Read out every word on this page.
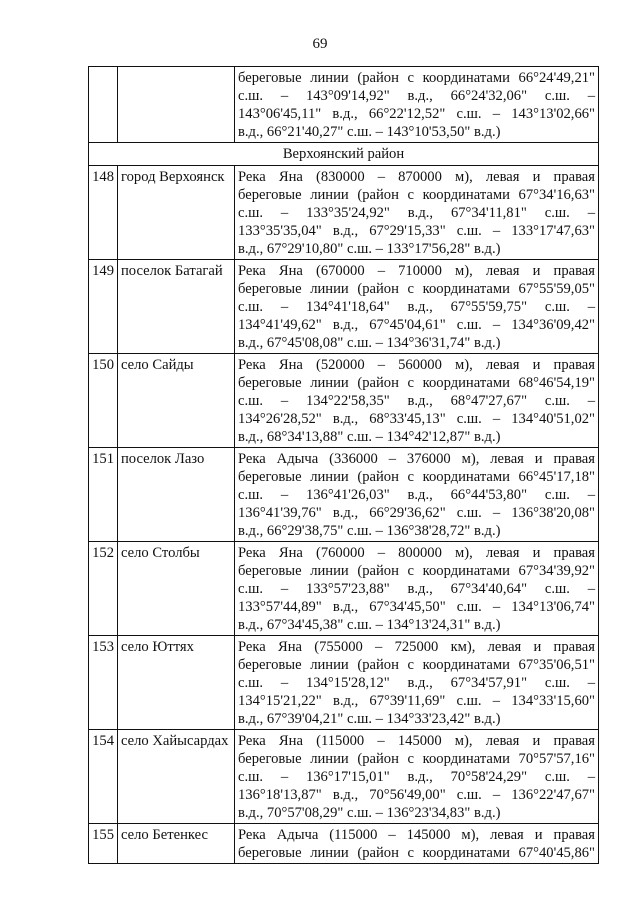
69

		береговые линии (район с координатами 66°24'49,21"
с.ш. – 143°09'14,92" в.д., 66°24'32,06" с.ш. –
143°06'45,11" в.д., 66°22'12,52" с.ш. – 143°13'02,66"
в.д., 66°21'40,27" с.ш. – 143°10'53,50" в.д.)

Верхоянский район		
148	город Верхоянск	Река Яна (830000 – 870000 м), левая и правая
береговые линии (район с координатами 67°34'16,63"
с.ш. – 133°35'24,92" в.д., 67°34'11,81" с.ш. –
133°35'35,04" в.д., 67°29'15,33" с.ш. – 133°17'47,63"
в.д., 67°29'10,80" с.ш. – 133°17'56,28" в.д.)

149	поселок Батагай	Река Яна (670000 – 710000 м), левая и правая
береговые линии (район с координатами 67°55'59,05"
с.ш. – 134°41'18,64" в.д., 67°55'59,75" с.ш. –
134°41'49,62" в.д., 67°45'04,61" с.ш. – 134°36'09,42"
в.д., 67°45'08,08" с.ш. – 134°36'31,74" в.д.)

150	село Сайды	Река Яна (520000 – 560000 м), левая и правая
береговые линии (район с координатами 68°46'54,19"
с.ш. – 134°22'58,35" в.д., 68°47'27,67" с.ш. –
134°26'28,52" в.д., 68°33'45,13" с.ш. – 134°40'51,02"
в.д., 68°34'13,88" с.ш. – 134°42'12,87" в.д.)

151	поселок Лазо	Река Адыча (336000 – 376000 м), левая и правая
береговые линии (район с координатами 66°45'17,18"
с.ш. – 136°41'26,03" в.д., 66°44'53,80" с.ш. –
136°41'39,76" в.д., 66°29'36,62" с.ш. – 136°38'20,08"
в.д., 66°29'38,75" с.ш. – 136°38'28,72" в.д.)

152	село Столбы	Река Яна (760000 – 800000 м), левая и правая
береговые линии (район с координатами 67°34'39,92"
с.ш. – 133°57'23,88" в.д., 67°34'40,64" с.ш. –
133°57'44,89" в.д., 67°34'45,50" с.ш. – 134°13'06,74"
в.д., 67°34'45,38" с.ш. – 134°13'24,31" в.д.)

153	село Юттях	Река Яна (755000 – 725000 км), левая и правая
береговые линии (район с координатами 67°35'06,51"
с.ш. – 134°15'28,12" в.д., 67°34'57,91" с.ш. –
134°15'21,22" в.д., 67°39'11,69" с.ш. – 134°33'15,60"
в.д., 67°39'04,21" с.ш. – 134°33'23,42" в.д.)

154	село Хайысардах	Река Яна (115000 – 145000 м), левая и правая
береговые линии (район с координатами 70°57'57,16"
с.ш. – 136°17'15,01" в.д., 70°58'24,29" с.ш. –
136°18'13,87" в.д., 70°56'49,00" с.ш. – 136°22'47,67"
в.д., 70°57'08,29" с.ш. – 136°23'34,83" в.д.)

155	село Бетенкес	Река Адыча (115000 – 145000 м), левая и правая
береговые линии (район с координатами 67°40'45,86"
